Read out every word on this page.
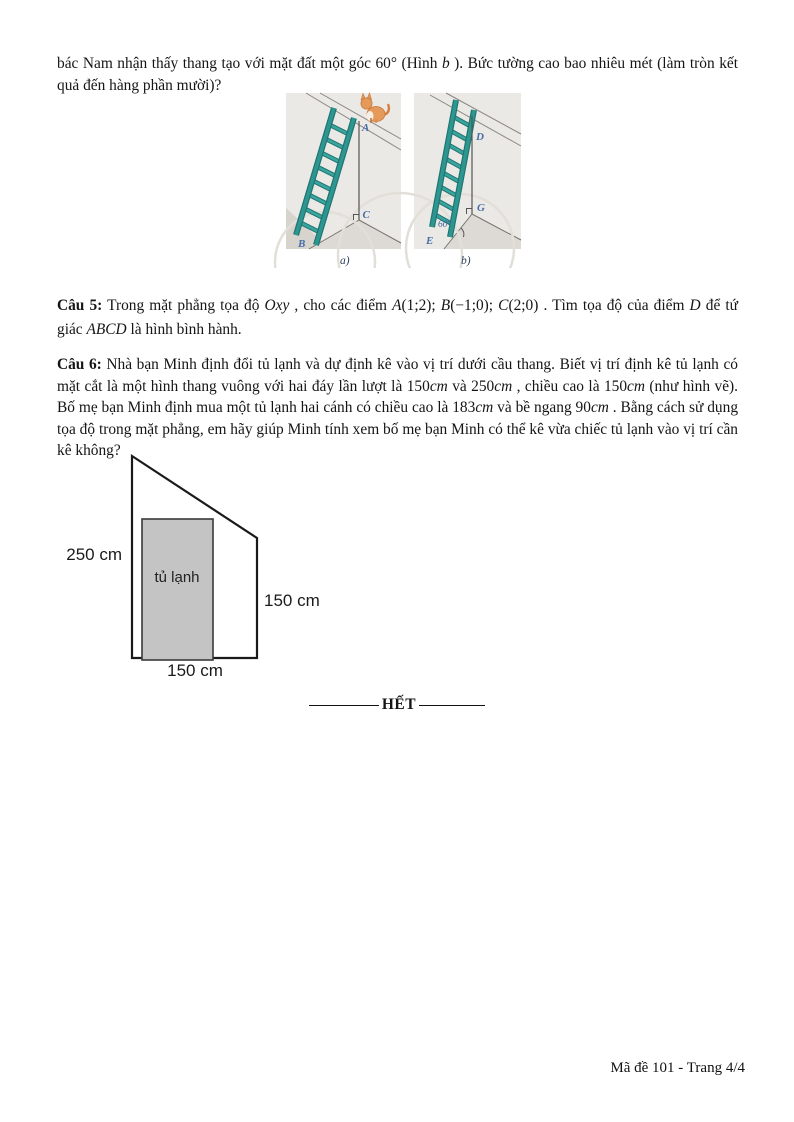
bác Nam nhận thấy thang tạo với mặt đất một góc 60° (Hình b ). Bức tường cao bao nhiêu mét (làm tròn kết quả đến hàng phần mười)?

A
B
C
D
E
G
60°
a)	b)

Câu 5: Trong mặt phẳng tọa độ Oxy , cho các điểm A(1;2); B(−1;0); C(2;0) . Tìm tọa độ của điểm D để tứ giác ABCD là hình bình hành.

Câu 6: Nhà bạn Minh định đổi tủ lạnh và dự định kê vào vị trí dưới cầu thang. Biết vị trí định kê tủ lạnh có mặt cắt là một hình thang vuông với hai đáy lần lượt là 150cm và 250cm , chiều cao là 150cm (như hình vẽ). Bố mẹ bạn Minh định mua một tủ lạnh hai cánh có chiều cao là 183cm và bề ngang 90cm . Bằng cách sử dụng tọa độ trong mặt phẳng, em hãy giúp Minh tính xem bố mẹ bạn Minh có thể kê vừa chiếc tủ lạnh vào vị trí cần kê không?

tủ lạnh
250 cm
150 cm
150 cm
HẾT
Mã đề 101 - Trang 4/4
